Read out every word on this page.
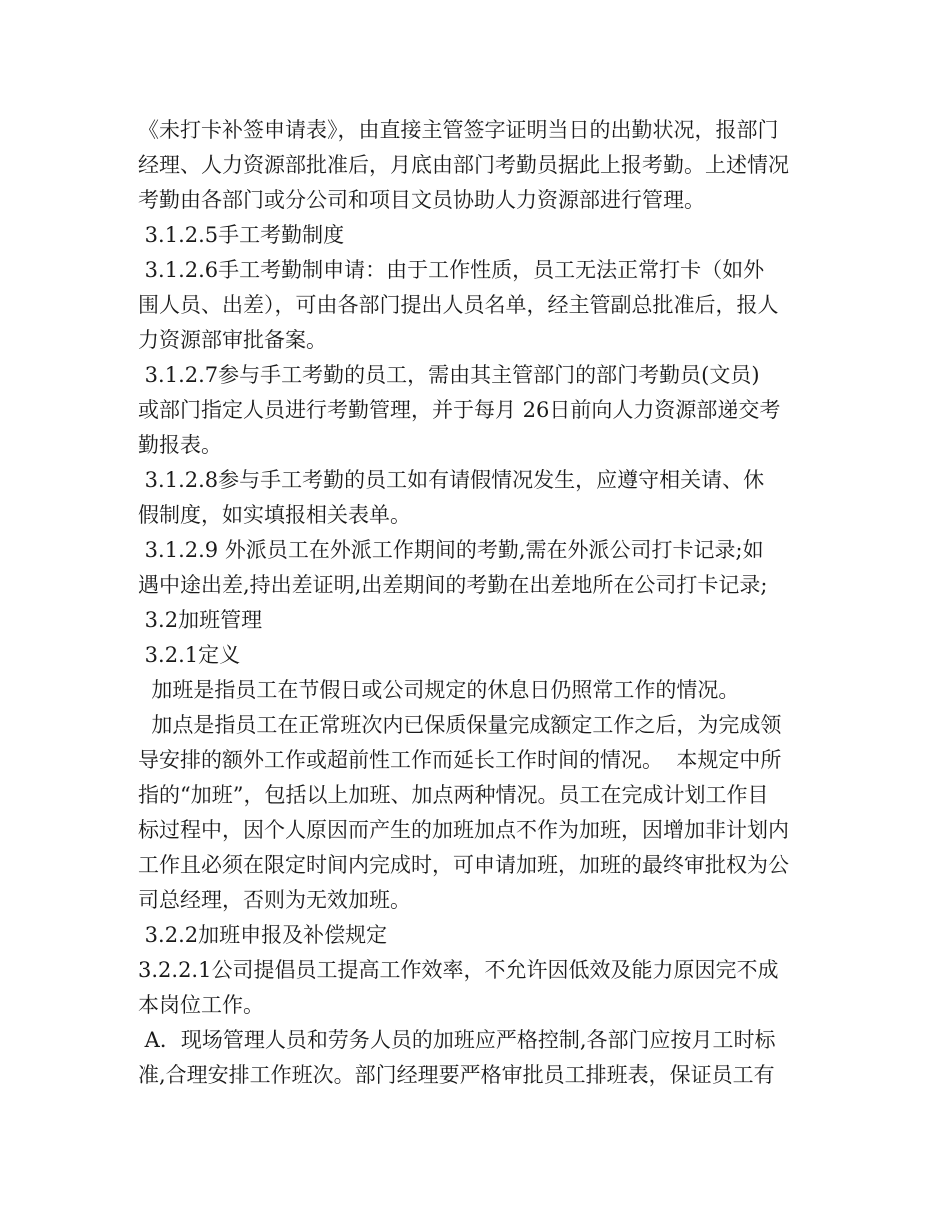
《未打卡补签申请表》，由直接主管签字证明当日的出勤状况，报部门
经理、人力资源部批准后，月底由部门考勤员据此上报考勤。上述情况
考勤由各部门或分公司和项目文员协助人力资源部进行管理。
3.1.2.5手工考勤制度
3.1.2.6手工考勤制申请：由于工作性质，员工无法正常打卡（如外
围人员、出差），可由各部门提出人员名单，经主管副总批准后，报人
力资源部审批备案。
3.1.2.7参与手工考勤的员工，需由其主管部门的部门考勤员(文员)
或部门指定人员进行考勤管理，并于每月 26日前向人力资源部递交考
勤报表。
3.1.2.8参与手工考勤的员工如有请假情况发生，应遵守相关请、休
假制度，如实填报相关表单。
3.1.2.9 外派员工在外派工作期间的考勤,需在外派公司打卡记录;如
遇中途出差,持出差证明,出差期间的考勤在出差地所在公司打卡记录;
3.2加班管理
3.2.1定义
加班是指员工在节假日或公司规定的休息日仍照常工作的情况。
加点是指员工在正常班次内已保质保量完成额定工作之后，为完成领
导安排的额外工作或超前性工作而延长工作时间的情况。  本规定中所
指的“加班”，包括以上加班、加点两种情况。员工在完成计划工作目
标过程中，因个人原因而产生的加班加点不作为加班，因增加非计划内
工作且必须在限定时间内完成时，可申请加班，加班的最终审批权为公
司总经理，否则为无效加班。
3.2.2加班申报及补偿规定
3.2.2.1公司提倡员工提高工作效率，不允许因低效及能力原因完不成
本岗位工作。
A．现场管理人员和劳务人员的加班应严格控制,各部门应按月工时标
准,合理安排工作班次。部门经理要严格审批员工排班表，保证员工有
